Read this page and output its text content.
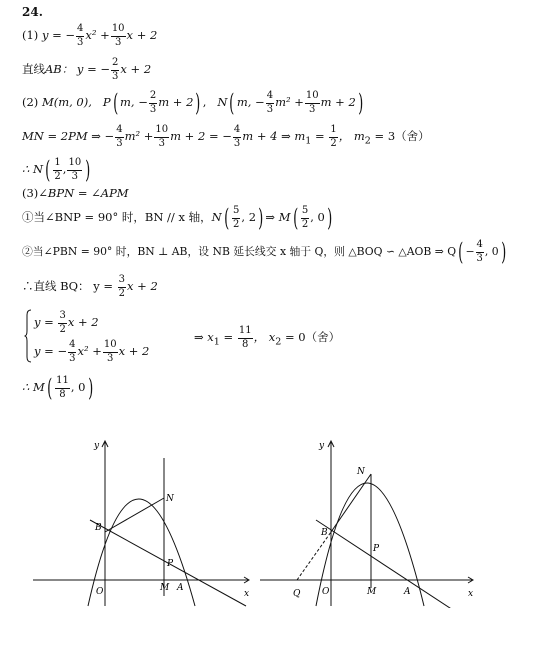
24.
(1) y = − $\frac{4}{3} x^2 + \frac{10}{3}$ x + 2
直线AB： y = − $\frac{2}{3}$ x + 2
(2) M(m, 0), P( m, − $\frac{2}{3}$ m + 2) , N( m, − $\frac{4}{3} m^2 + \frac{10}{3}$ m + 2)
MN = 2PM ⇒ − $\frac{4}{3} m^2 + \frac{10}{3}$ m + 2 = − $\frac{4}{3}$ m + 4 ⇒ $m_1 = \frac{1}{2}$ ， $m_2 = 3$（舍）
∴ $N( \frac{1}{2}$ , $\frac{10}{3}$ )
(3)∠BPN = ∠APM
①当∠BNP = 90° 时，BN // x 轴，$N( \frac{5}{2}$ , 2) ⇒ $M( \frac{5}{2}$ , 0)
②当∠PBN = 90° 时，BN ⊥ AB，设 NB 延长线交 x 轴于 Q，则 △BOQ ∽ △AOB ⇒ $Q( - \frac{4}{3}$ , 0)
∴直线 BQ： $y = \frac{3}{2}$ x + 2
$y = \frac{3}{2}$ x + 2
y = − $\frac{4}{3} x^2 + \frac{10}{3}$ x + 2
⇒ $x_1 = \frac{11}{8}$ ， $x_2 = 0$（舍）
∴ $M( \frac{11}{8}$ , 0)
y
x
O
B
N
P
M A
y
x
O
B
N
P
M	A
Q
